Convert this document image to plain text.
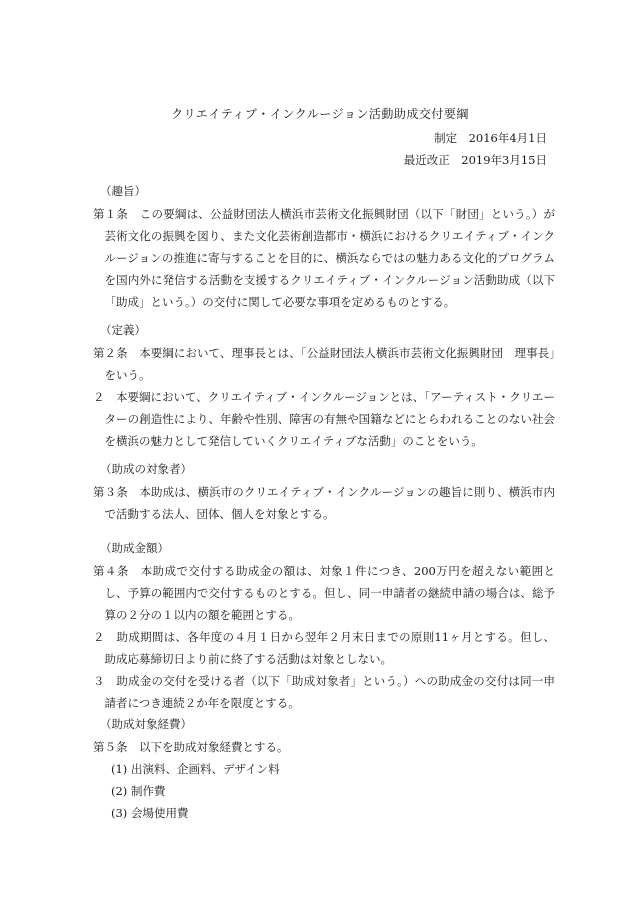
クリエイティブ・インクルージョン活動助成交付要綱
制定　2016年4月1日
最近改正　2019年3月15日
（趣旨）

第１条　この要綱は、公益財団法人横浜市芸術文化振興財団（以下「財団」という。）が芸術文化の振興を図り、また文化芸術創造都市・横浜におけるクリエイティブ・インクルージョンの推進に寄与することを目的に、横浜ならではの魅力ある文化的プログラムを国内外に発信する活動を支援するクリエイティブ・インクルージョン活動助成（以下「助成」という。）の交付に関して必要な事項を定めるものとする。

（定義）

第２条　本要綱において、理事長とは、「公益財団法人横浜市芸術文化振興財団　理事長」をいう。

２　本要綱において、クリエイティブ・インクルージョンとは、「アーティスト・クリエーターの創造性により、年齢や性別、障害の有無や国籍などにとらわれることのない社会を横浜の魅力として発信していくクリエイティブな活動」のことをいう。

（助成の対象者）

第３条　本助成は、横浜市のクリエイティブ・インクルージョンの趣旨に則り、横浜市内で活動する法人、団体、個人を対象とする。

（助成金額）

第４条　本助成で交付する助成金の額は、対象１件につき、200万円を超えない範囲とし、予算の範囲内で交付するものとする。但し、同一申請者の継続申請の場合は、総予算の２分の１以内の額を範囲とする。

２　助成期間は、各年度の４月１日から翌年２月末日までの原則11ヶ月とする。但し、助成応募締切日より前に終了する活動は対象としない。

３　助成金の交付を受ける者（以下「助成対象者」という。）への助成金の交付は同一申請者につき連続２か年を限度とする。

（助成対象経費）

第５条　以下を助成対象経費とする。

(1) 出演料、企画料、デザイン料

(2) 制作費

(3) 会場使用費
